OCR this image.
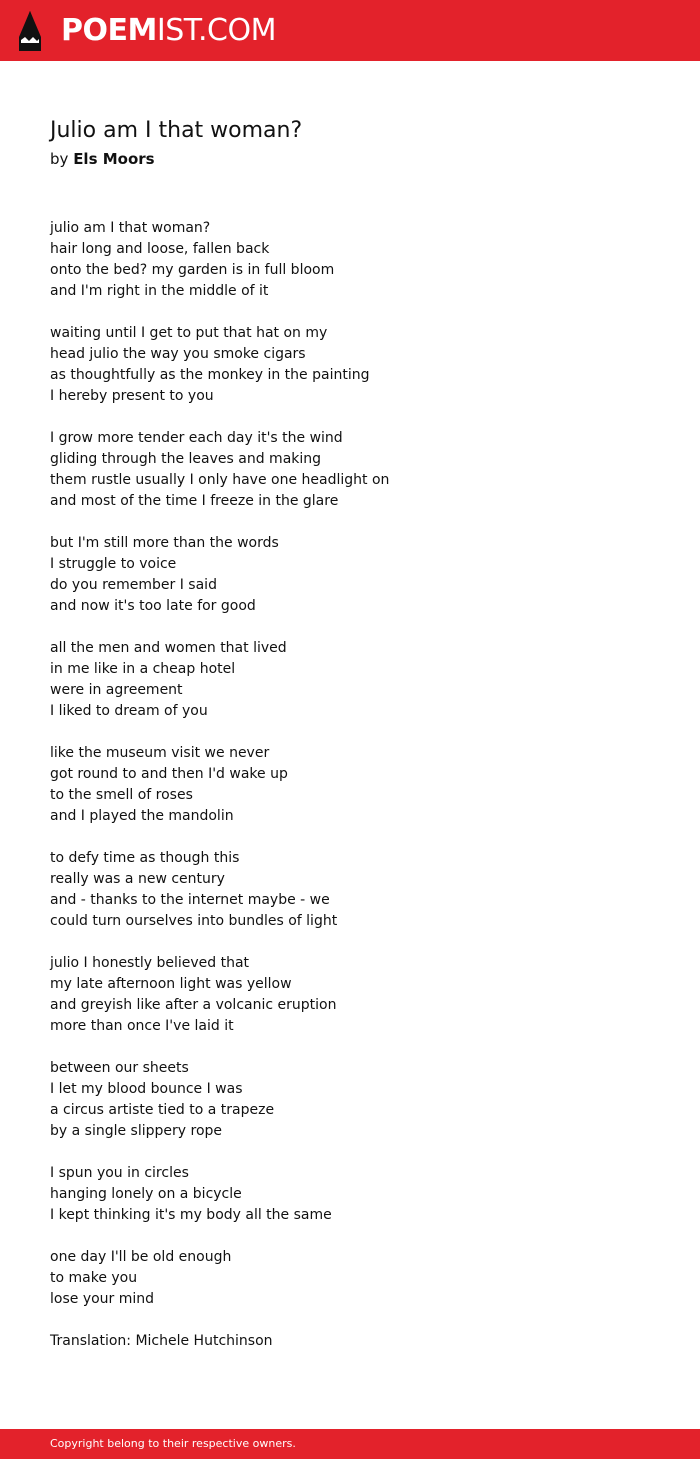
POEMIST.COM
Julio am I that woman?
by Els Moors
julio am I that woman?
hair long and loose, fallen back
onto the bed? my garden is in full bloom
and I'm right in the middle of it
waiting until I get to put that hat on my
head julio the way you smoke cigars
as thoughtfully as the monkey in the painting
I hereby present to you
I grow more tender each day it's the wind
gliding through the leaves and making
them rustle usually I only have one headlight on
and most of the time I freeze in the glare
but I'm still more than the words
I struggle to voice
do you remember I said
and now it's too late for good
all the men and women that lived
in me like in a cheap hotel
were in agreement
I liked to dream of you
like the museum visit we never
got round to and then I'd wake up
to the smell of roses
and I played the mandolin
to defy time as though this
really was a new century
and - thanks to the internet maybe - we
could turn ourselves into bundles of light
julio I honestly believed that
my late afternoon light was yellow
and greyish like after a volcanic eruption
more than once I've laid it
between our sheets
I let my blood bounce I was
a circus artiste tied to a trapeze
by a single slippery rope
I spun you in circles
hanging lonely on a bicycle
I kept thinking it's my body all the same
one day I'll be old enough
to make you
lose your mind
Translation: Michele Hutchinson
Copyright belong to their respective owners.
